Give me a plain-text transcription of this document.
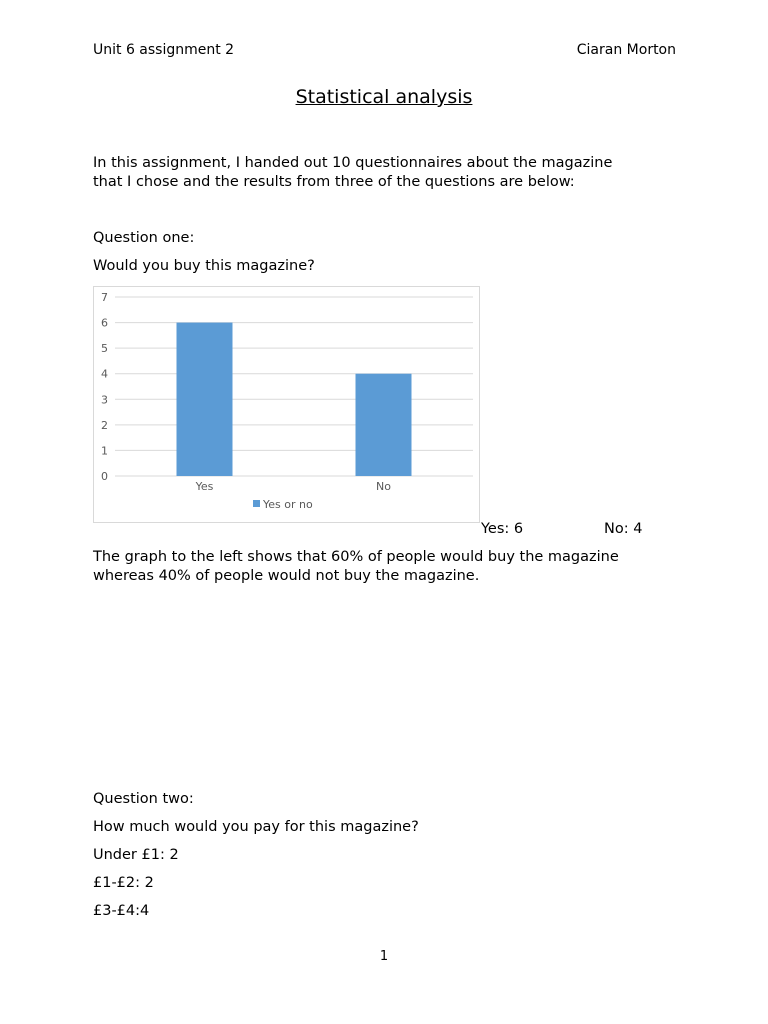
Unit 6 assignment 2	Ciaran Morton
Statistical analysis
In this assignment, I handed out 10 questionnaires about the magazine
that I chose and the results from three of the questions are below:
Question one:
Would you buy this magazine?
0
1
2
3
4
5
6
7
Yes	No
Yes or no
Yes: 6	No: 4
The graph to the left shows that 60% of people would buy the magazine
whereas 40% of people would not buy the magazine.
Question two:
How much would you pay for this magazine?
Under £1: 2
£1-£2: 2
£3-£4:4
1
